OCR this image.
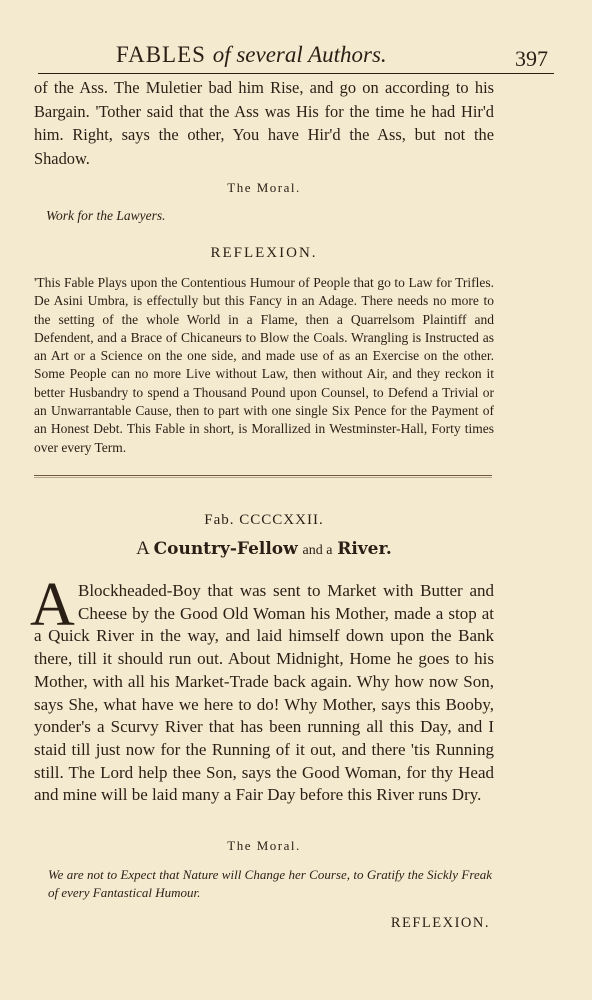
FABLES of several Authors.	397

of the Ass. The Muletier bad him Rise, and go on according to his Bargain. 'Tother said that the Ass was His for the time he had Hir'd him. Right, says the other, You have Hir'd the Ass, but not the Shadow.

The Moral.
Work for the Lawyers.
REFLEXION.

'This Fable Plays upon the Contentious Humour of People that go to Law for Trifles. De Asini Umbra, is effectully but this Fancy in an Adage. There needs no more to the setting of the whole World in a Flame, then a Quarrelsom Plaintiff and Defendent, and a Brace of Chicaneurs to Blow the Coals. Wrangling is Instructed as an Art or a Science on the one side, and made use of as an Exercise on the other. Some People can no more Live without Law, then without Air, and they reckon it better Husbandry to spend a Thousand Pound upon Counsel, to Defend a Trivial or an Unwarrantable Cause, then to part with one single Six Pence for the Payment of an Honest Debt. This Fable in short, is Morallized in Westminster-Hall, Forty times over every Term.

Fab. CCCCXXII.
A Country-Fellow and a River.
A Blockheaded-Boy that was sent to Market with Butter and Cheese by the Good Old Woman his Mother, made a stop at a Quick River in the way, and laid himself down upon the Bank there, till it should run out. About Midnight, Home he goes to his Mother, with all his Market-Trade back again. Why how now Son, says She, what have we here to do! Why Mother, says this Booby, yonder's a Scurvy River that has been running all this Day, and I staid till just now for the Running of it out, and there 'tis Running still. The Lord help thee Son, says the Good Woman, for thy Head and mine will be laid many a Fair Day before this River runs Dry.

The Moral.
We are not to Expect that Nature will Change her Course, to Gratify the Sickly Freak of every Fantastical Humour.
REFLEXION.
